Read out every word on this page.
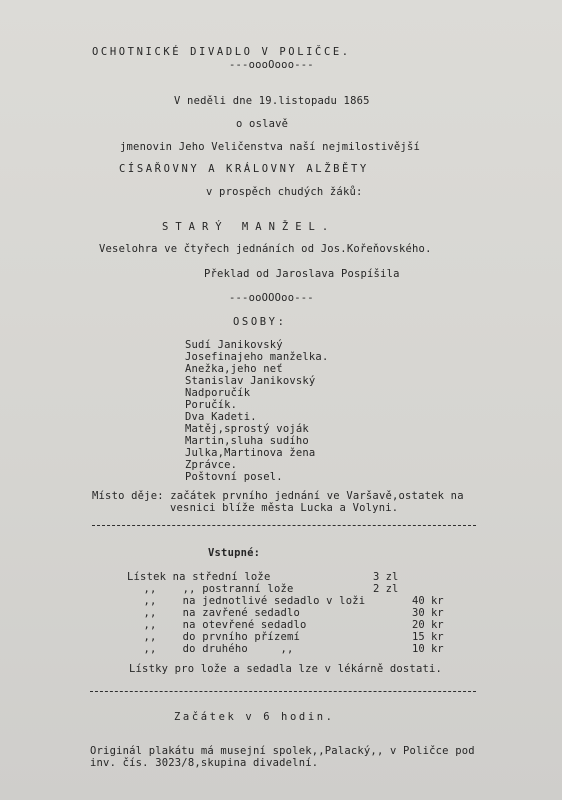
OCHOTNICKÉ DIVADLO V POLIČCE.
---oooOooo---
V neděli dne 19.listopadu 1865
o oslavě
jmenovin Jeho Veličenstva naší nejmilostivější
CÍSAŘOVNY A KRÁLOVNY ALŽBĚTY
v prospěch chudých žáků:
STARÝ MANŽEL.
Veselohra ve čtyřech jednáních od Jos.Kořeňovského.
Překlad od Jaroslava Pospíšila
---ooOOOoo---
OSOBY:
Sudí Janikovský
Josefinajeho manželka.
Anežka,jeho neť
Stanislav Janikovský
Nadporučík
Poručík.
Dva Kadeti.
Matěj,sprostý voják
Martin,sluha sudího
Julka,Martinova žena
Zprávce.
Poštovní posel.
Místo děje: začátek prvního jednání ve Varšavě,ostatek na
vesnici blíže města Lucka a Volyni.
Vstupné:
Lístek na střední lože	3 zl
,,    ,, postranní lože	2 zl
,,    na jednotlivé sedadlo v loži	40 kr
,,    na zavřené sedadlo	30 kr
,,    na otevřené sedadlo	20 kr
,,    do prvního přízemí	15 kr
,,    do druhého     ,,	10 kr
Lístky pro lože a sedadla lze v lékárně dostati.
Začátek v 6 hodin.
Originál plakátu má musejní spolek,,Palacký,, v Poličce pod
inv. čís. 3023/8,skupina divadelní.
